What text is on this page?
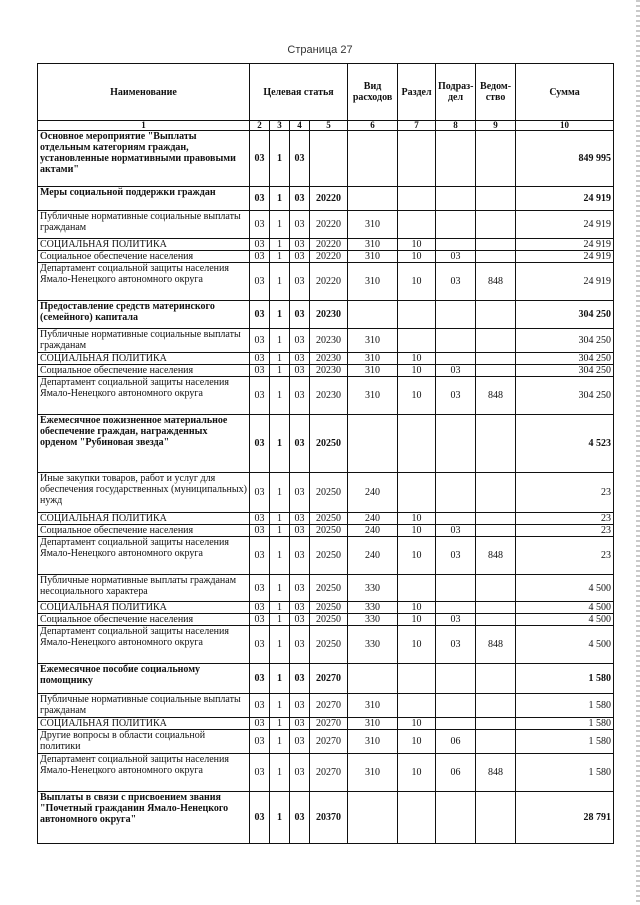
Страница 27
Наименование	Целевая статья				Вид расходов	Раздел	Подраз-дел	Ведом-ство	Сумма
1	2	3	4	5	6	7	8	9	10
Основное мероприятие "Выплаты отдельным категориям граждан, установленные нормативными правовыми актами"	03	1	03						849 995
Меры социальной поддержки граждан	03	1	03	20220					24 919
Публичные нормативные социальные выплаты гражданам	03	1	03	20220	310				24 919
СОЦИАЛЬНАЯ ПОЛИТИКА	03	1	03	20220	310	10			24 919
Социальное обеспечение населения	03	1	03	20220	310	10	03		24 919
Департамент социальной защиты населения Ямало-Ненецкого автономного округа	03	1	03	20220	310	10	03	848	24 919
Предоставление средств материнского (семейного) капитала	03	1	03	20230					304 250
Публичные нормативные социальные выплаты гражданам	03	1	03	20230	310				304 250
СОЦИАЛЬНАЯ ПОЛИТИКА	03	1	03	20230	310	10			304 250
Социальное обеспечение населения	03	1	03	20230	310	10	03		304 250
Департамент социальной защиты населения Ямало-Ненецкого автономного округа	03	1	03	20230	310	10	03	848	304 250
Ежемесячное пожизненное материальное обеспечение граждан, награжденных орденом "Рубиновая звезда"	03	1	03	20250					4 523
Иные закупки товаров, работ и услуг для обеспечения государственных (муниципальных) нужд	03	1	03	20250	240				23
СОЦИАЛЬНАЯ ПОЛИТИКА	03	1	03	20250	240	10			23
Социальное обеспечение населения	03	1	03	20250	240	10	03		23
Департамент социальной защиты населения Ямало-Ненецкого автономного округа	03	1	03	20250	240	10	03	848	23
Публичные нормативные выплаты гражданам несоциального характера	03	1	03	20250	330				4 500
СОЦИАЛЬНАЯ ПОЛИТИКА	03	1	03	20250	330	10			4 500
Социальное обеспечение населения	03	1	03	20250	330	10	03		4 500
Департамент социальной защиты населения Ямало-Ненецкого автономного округа	03	1	03	20250	330	10	03	848	4 500
Ежемесячное пособие социальному помощнику	03	1	03	20270					1 580
Публичные нормативные социальные выплаты гражданам	03	1	03	20270	310				1 580
СОЦИАЛЬНАЯ ПОЛИТИКА	03	1	03	20270	310	10			1 580
Другие вопросы в области социальной политики	03	1	03	20270	310	10	06		1 580
Департамент социальной защиты населения Ямало-Ненецкого автономного округа	03	1	03	20270	310	10	06	848	1 580
Выплаты в связи с присвоением звания "Почетный гражданин Ямало-Ненецкого автономного округа"	03	1	03	20370					28 791
